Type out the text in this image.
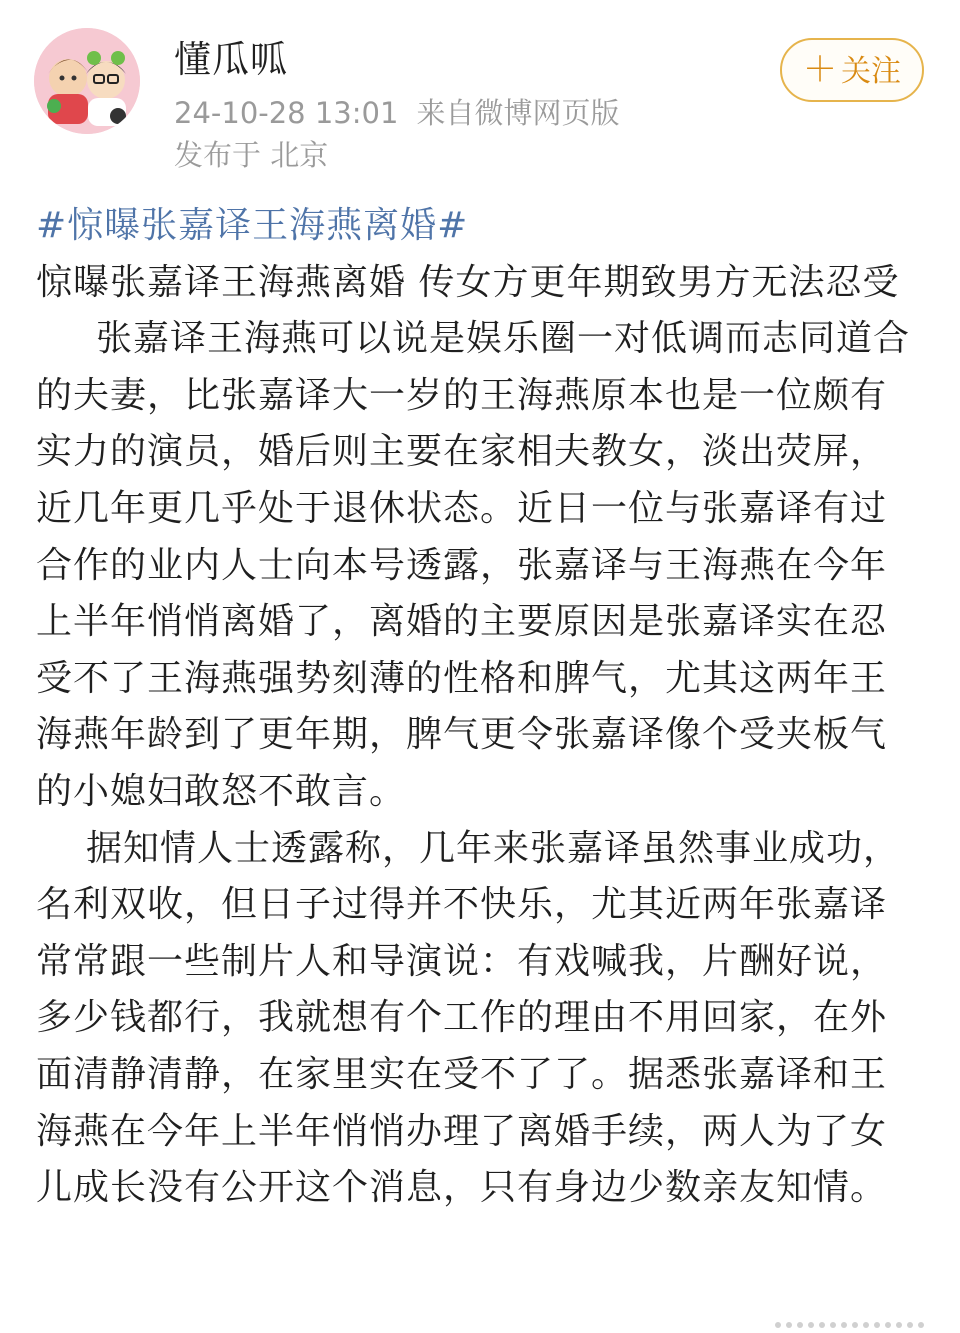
懂瓜呱
24-10-28 13:01 来自微博网页版
发布于 北京
＋ 关注
#惊曝张嘉译王海燕离婚#
惊曝张嘉译王海燕离婚 传女方更年期致男方无法忍受
张嘉译王海燕可以说是娱乐圈一对低调而志同道合的夫妻，比张嘉译大一岁的王海燕原本也是一位颇有实力的演员，婚后则主要在家相夫教女，淡出荧屏，近几年更几乎处于退休状态。近日一位与张嘉译有过合作的业内人士向本号透露，张嘉译与王海燕在今年上半年悄悄离婚了，离婚的主要原因是张嘉译实在忍受不了王海燕强势刻薄的性格和脾气，尤其这两年王海燕年龄到了更年期，脾气更令张嘉译像个受夹板气的小媳妇敢怒不敢言。
据知情人士透露称，几年来张嘉译虽然事业成功，名利双收，但日子过得并不快乐，尤其近两年张嘉译常常跟一些制片人和导演说：有戏喊我，片酬好说，多少钱都行，我就想有个工作的理由不用回家，在外面清静清静，在家里实在受不了了。据悉张嘉译和王海燕在今年上半年悄悄办理了离婚手续，两人为了女儿成长没有公开这个消息，只有身边少数亲友知情。
